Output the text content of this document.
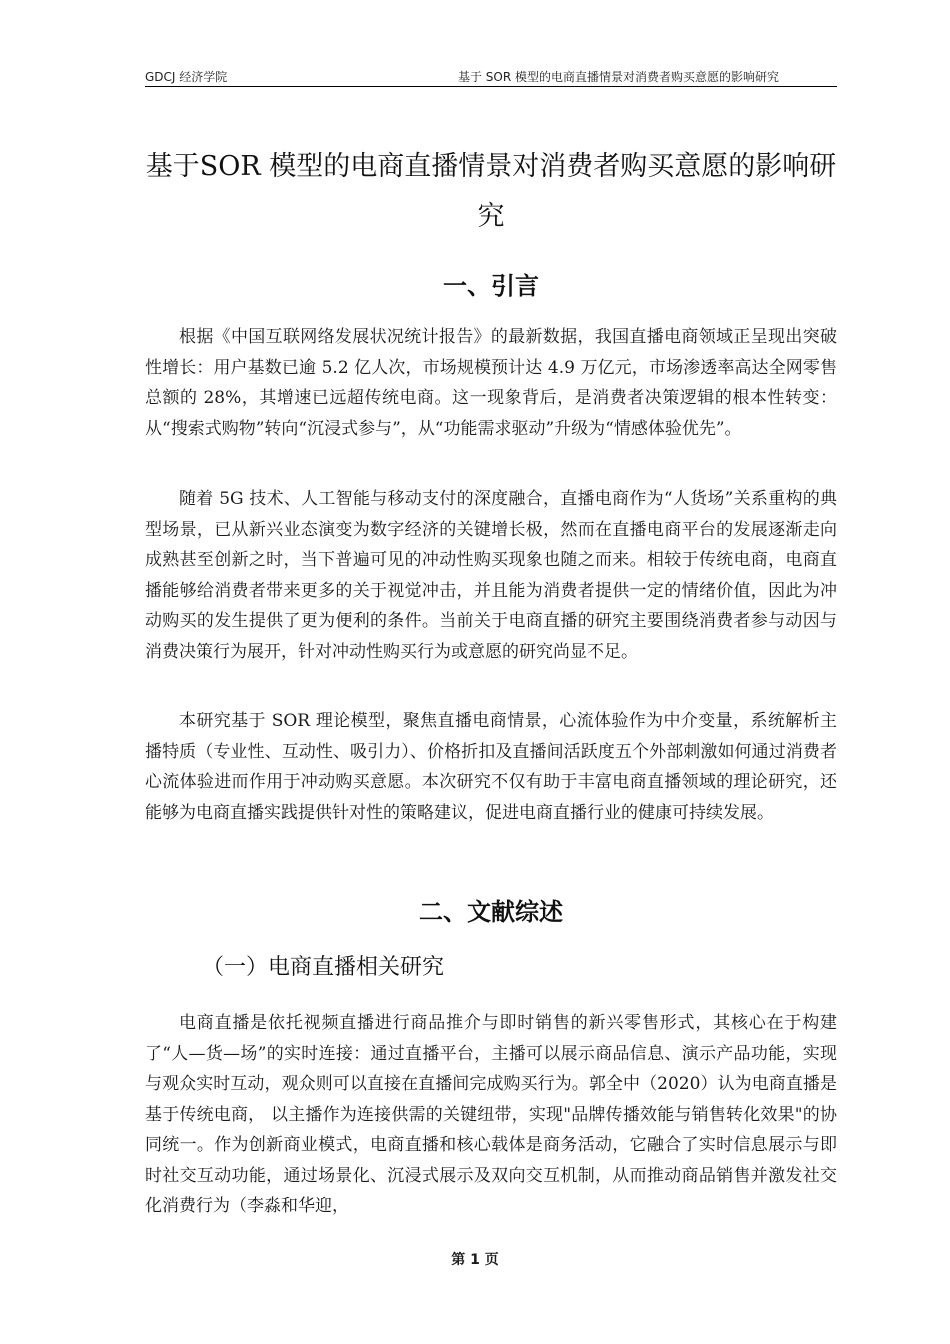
GDCJ 经济学院	基于 SOR 模型的电商直播情景对消费者购买意愿的影响研究
基于SOR 模型的电商直播情景对消费者购买意愿的影响研究
一、引言

根据《中国互联网络发展状况统计报告》的最新数据，我国直播电商领域正呈现出突破性增长：用户基数已逾 5.2 亿人次，市场规模预计达 4.9 万亿元，市场渗透率高达全网零售总额的 28%，其增速已远超传统电商。这一现象背后，是消费者决策逻辑的根本性转变：从“搜索式购物”转向“沉浸式参与”，从“功能需求驱动”升级为“情感体验优先”。

随着 5G 技术、人工智能与移动支付的深度融合，直播电商作为“人货场”关系重构的典型场景，已从新兴业态演变为数字经济的关键增长极，然而在直播电商平台的发展逐渐走向成熟甚至创新之时，当下普遍可见的冲动性购买现象也随之而来。相较于传统电商，电商直播能够给消费者带来更多的关于视觉冲击，并且能为消费者提供一定的情绪价值，因此为冲动购买的发生提供了更为便利的条件。当前关于电商直播的研究主要围绕消费者参与动因与消费决策行为展开，针对冲动性购买行为或意愿的研究尚显不足。

本研究基于 SOR 理论模型，聚焦直播电商情景，心流体验作为中介变量，系统解析主播特质（专业性、互动性、吸引力）、价格折扣及直播间活跃度五个外部刺激如何通过消费者心流体验进而作用于冲动购买意愿。本次研究不仅有助于丰富电商直播领域的理论研究，还能够为电商直播实践提供针对性的策略建议，促进电商直播行业的健康可持续发展。

二、文献综述
（一）电商直播相关研究

电商直播是依托视频直播进行商品推介与即时销售的新兴零售形式，其核心在于构建了“人—货—场”的实时连接：通过直播平台，主播可以展示商品信息、演示产品功能，实现与观众实时互动，观众则可以直接在直播间完成购买行为。郭全中（2020）认为电商直播是基于传统电商， 以主播作为连接供需的关键纽带，实现"品牌传播效能与销售转化效果"的协同统一。作为创新商业模式，电商直播和核心载体是商务活动，它融合了实时信息展示与即时社交互动功能，通过场景化、沉浸式展示及双向交互机制，从而推动商品销售并激发社交化消费行为（李淼和华迎，

第 1 页
